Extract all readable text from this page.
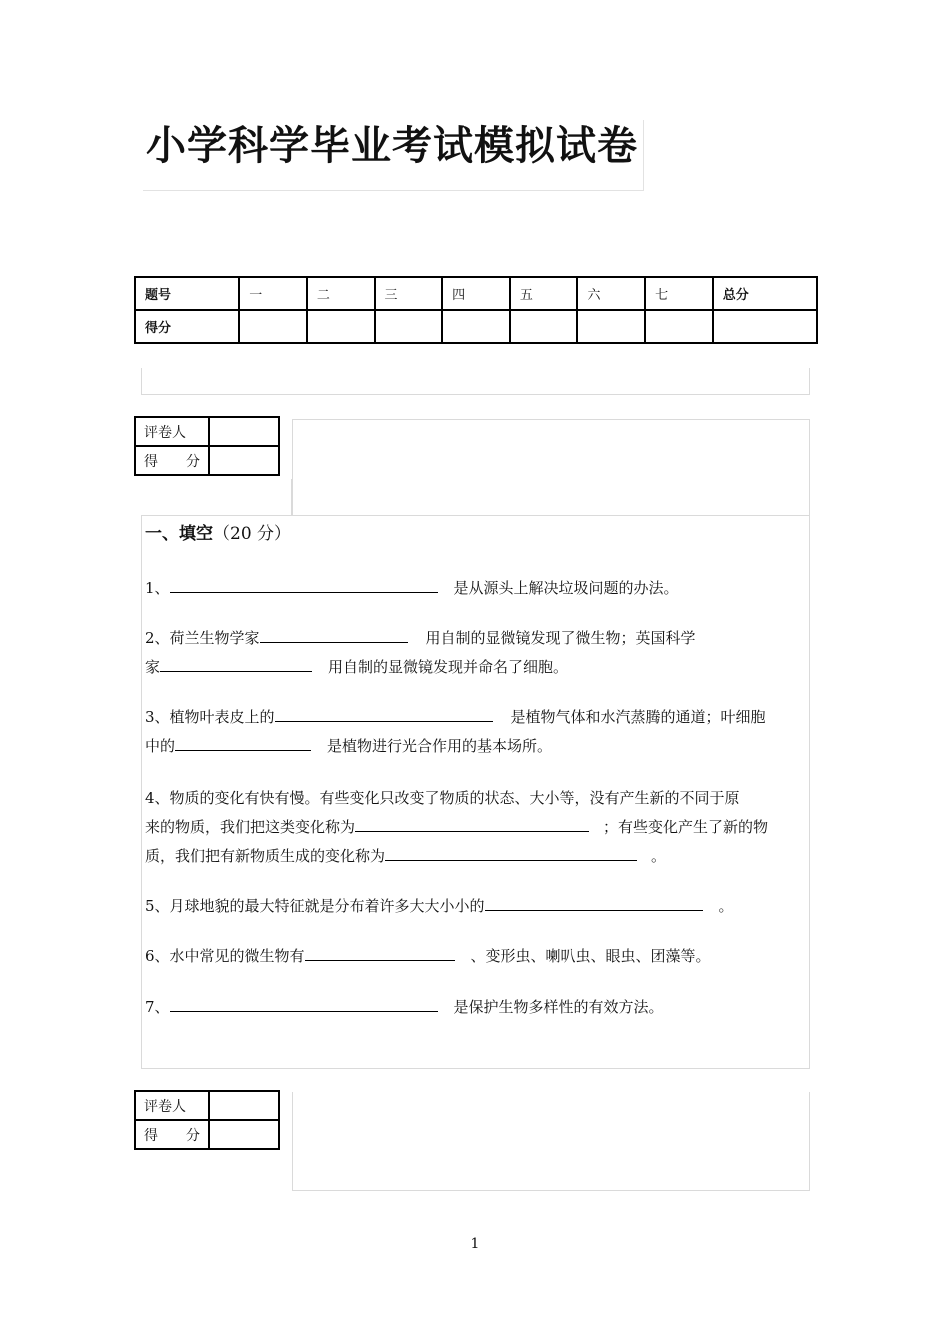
小学科学毕业考试模拟试卷
题号	一	二	三	四	五	六	七	总分
得分								
评卷人	
得　　分	
一、填空（20 分）
1、	是从源头上解决垃圾问题的办法。
2、荷兰生物学家	用自制的显微镜发现了微生物；英国科学
家	用自制的显微镜发现并命名了细胞。
3、植物叶表皮上的	是植物气体和水汽蒸腾的通道；叶细胞
中的	是植物进行光合作用的基本场所。
4、物质的变化有快有慢。有些变化只改变了物质的状态、大小等，没有产生新的不同于原
来的物质，我们把这类变化称为	；有些变化产生了新的物
质，我们把有新物质生成的变化称为	。
5、月球地貌的最大特征就是分布着许多大大小小的	。
6、水中常见的微生物有	、变形虫、喇叭虫、眼虫、团藻等。
7、	是保护生物多样性的有效方法。
评卷人	
得　　分	
1
